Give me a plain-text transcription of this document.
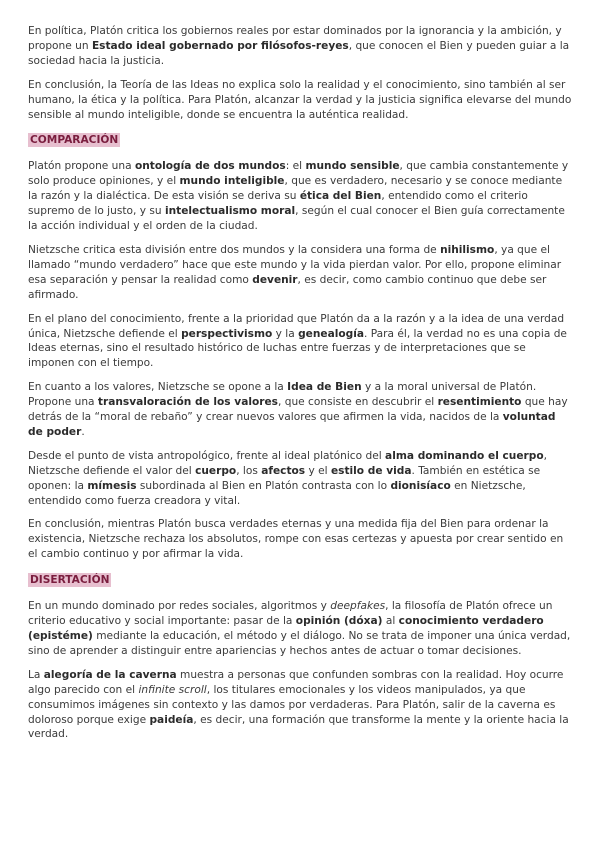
En política, Platón critica los gobiernos reales por estar dominados por la ignorancia y la ambición, y propone un Estado ideal gobernado por filósofos-reyes, que conocen el Bien y pueden guiar a la sociedad hacia la justicia.

En conclusión, la Teoría de las Ideas no explica solo la realidad y el conocimiento, sino también al ser humano, la ética y la política. Para Platón, alcanzar la verdad y la justicia significa elevarse del mundo sensible al mundo inteligible, donde se encuentra la auténtica realidad.

COMPARACIÓN

Platón propone una ontología de dos mundos: el mundo sensible, que cambia constantemente y solo produce opiniones, y el mundo inteligible, que es verdadero, necesario y se conoce mediante la razón y la dialéctica. De esta visión se deriva su ética del Bien, entendido como el criterio supremo de lo justo, y su intelectualismo moral, según el cual conocer el Bien guía correctamente la acción individual y el orden de la ciudad.

Nietzsche critica esta división entre dos mundos y la considera una forma de nihilismo, ya que el llamado “mundo verdadero” hace que este mundo y la vida pierdan valor. Por ello, propone eliminar esa separación y pensar la realidad como devenir, es decir, como cambio continuo que debe ser afirmado.

En el plano del conocimiento, frente a la prioridad que Platón da a la razón y a la idea de una verdad única, Nietzsche defiende el perspectivismo y la genealogía. Para él, la verdad no es una copia de Ideas eternas, sino el resultado histórico de luchas entre fuerzas y de interpretaciones que se imponen con el tiempo.

En cuanto a los valores, Nietzsche se opone a la Idea de Bien y a la moral universal de Platón. Propone una transvaloración de los valores, que consiste en descubrir el resentimiento que hay detrás de la “moral de rebaño” y crear nuevos valores que afirmen la vida, nacidos de la voluntad de poder.

Desde el punto de vista antropológico, frente al ideal platónico del alma dominando el cuerpo, Nietzsche defiende el valor del cuerpo, los afectos y el estilo de vida. También en estética se oponen: la mímesis subordinada al Bien en Platón contrasta con lo dionisíaco en Nietzsche, entendido como fuerza creadora y vital.

En conclusión, mientras Platón busca verdades eternas y una medida fija del Bien para ordenar la existencia, Nietzsche rechaza los absolutos, rompe con esas certezas y apuesta por crear sentido en el cambio continuo y por afirmar la vida.

DISERTACIÓN

En un mundo dominado por redes sociales, algoritmos y deepfakes, la filosofía de Platón ofrece un criterio educativo y social importante: pasar de la opinión (dóxa) al conocimiento verdadero (epistéme) mediante la educación, el método y el diálogo. No se trata de imponer una única verdad, sino de aprender a distinguir entre apariencias y hechos antes de actuar o tomar decisiones.

La alegoría de la caverna muestra a personas que confunden sombras con la realidad. Hoy ocurre algo parecido con el infinite scroll, los titulares emocionales y los videos manipulados, ya que consumimos imágenes sin contexto y las damos por verdaderas. Para Platón, salir de la caverna es doloroso porque exige paideía, es decir, una formación que transforme la mente y la oriente hacia la verdad.
